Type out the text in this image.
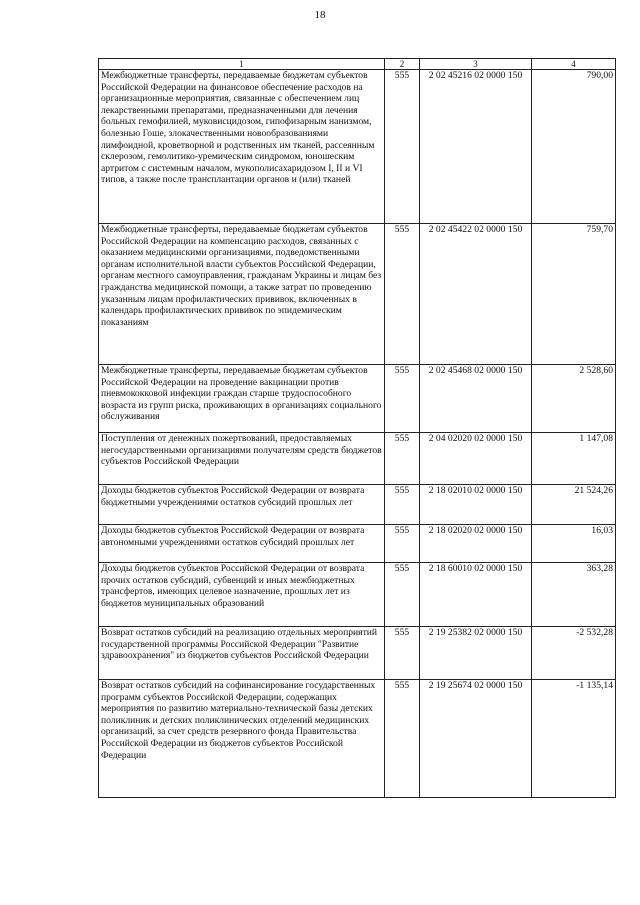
18
1	2	3	4
Межбюджетные трансферты, передаваемые бюджетам субъектов Российской Федерации на финансовое обеспечение расходов на организационные мероприятия, связанные с обеспечением лиц лекарственными препаратами, предназначенными для лечения больных гемофилией, муковисцидозом, гипофизарным нанизмом, болезнью Гоше, злокачественными новообразованиями лимфоидной, кроветворной и родственных им тканей, рассеянным склерозом, гемолитико-уремическим синдромом, юношеским артритом с системным началом, мукополисахаридозом I, II и VI типов, а также после трансплантации органов и (или) тканей	555	2 02 45216 02 0000 150	790,00
Межбюджетные трансферты, передаваемые бюджетам субъектов Российской Федерации на компенсацию расходов, связанных с оказанием медицинскими организациями, подведомственными органам исполнительной власти субъектов Российской Федерации, органам местного самоуправления, гражданам Украины и лицам без гражданства медицинской помощи, а также затрат по проведению указанным лицам профилактических прививок, включенных в календарь профилактических прививок по эпидемическим показаниям	555	2 02 45422 02 0000 150	759,70
Межбюджетные трансферты, передаваемые бюджетам субъектов Российской Федерации на проведение вакцинации против пневмококковой инфекции граждан старше трудоспособного возраста из групп риска, проживающих в организациях социального обслуживания	555	2 02 45468 02 0000 150	2 528,60
Поступления от денежных пожертвований, предоставляемых негосударственными организациями получателям средств бюджетов субъектов Российской Федерации	555	2 04 02020 02 0000 150	1 147,08
Доходы бюджетов субъектов Российской Федерации от возврата бюджетными учреждениями остатков субсидий прошлых лет	555	2 18 02010 02 0000 150	21 524,26
Доходы бюджетов субъектов Российской Федерации от возврата автономными учреждениями остатков субсидий прошлых лет	555	2 18 02020 02 0000 150	16,03
Доходы бюджетов субъектов Российской Федерации от возврата прочих остатков субсидий, субвенций и иных межбюджетных трансфертов, имеющих целевое назначение, прошлых лет из бюджетов муниципальных образований	555	2 18 60010 02 0000 150	363,28
Возврат остатков субсидий на реализацию отдельных мероприятий государственной программы Российской Федерации "Развитие здравоохранения" из бюджетов субъектов Российской Федерации	555	2 19 25382 02 0000 150	-2 532,28
Возврат остатков субсидий на софинансирование государственных программ субъектов Российской Федерации, содержащих мероприятия по развитию материально-технической базы детских поликлиник и детских поликлинических отделений медицинских организаций, за счет средств резервного фонда Правительства Российской Федерации из бюджетов субъектов Российской Федерации	555	2 19 25674 02 0000 150	-1 135,14
